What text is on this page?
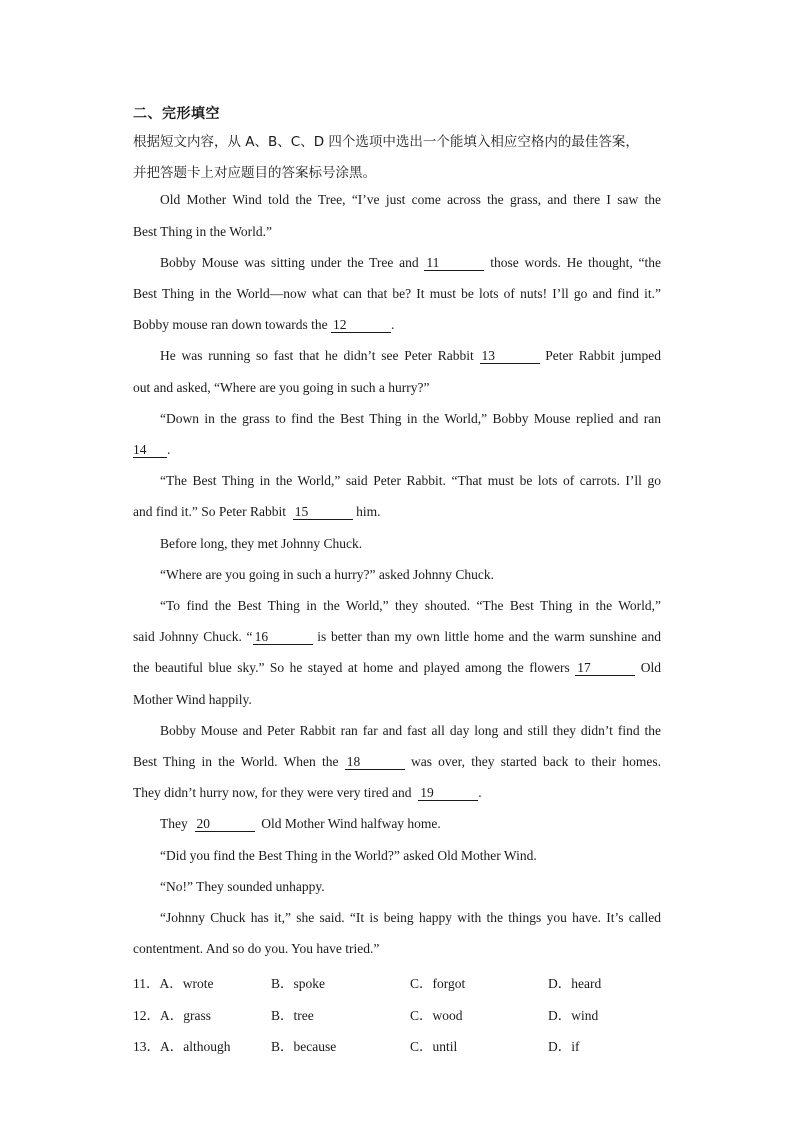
二、完形填空
根据短文内容，从 A、B、C、D 四个选项中选出一个能填入相应空格内的最佳答案，
并把答题卡上对应题目的答案标号涂黑。
Old Mother Wind told the Tree, “I’ve just come across the grass, and there I saw the
Best Thing in the World.”
Bobby Mouse was sitting under the Tree and 11	those words. He thought, “the
Best Thing in the World—now what can that be? It must be lots of nuts! I’ll go and find it.”
Bobby mouse ran down towards the 12	.
He was running so fast that he didn’t see Peter Rabbit 13	Peter Rabbit jumped
out and asked, “Where are you going in such a hurry?”
“Down in the grass to find the Best Thing in the World,” Bobby Mouse replied and ran
14 .
“The Best Thing in the World,” said Peter Rabbit. “That must be lots of carrots. I’ll go
and find it.” So Peter Rabbit 15	him.
Before long, they met Johnny Chuck.
“Where are you going in such a hurry?” asked Johnny Chuck.
“To find the Best Thing in the World,” they shouted. “The Best Thing in the World,”
said Johnny Chuck. “ 16	is better than my own little home and the warm sunshine and
the beautiful blue sky.” So he stayed at home and played among the flowers 17	Old
Mother Wind happily.
Bobby Mouse and Peter Rabbit ran far and fast all day long and still they didn’t find the
Best Thing in the World. When the 18	was over, they started back to their homes.
They didn’t hurry now, for they were very tired and 19	.
They 20	Old Mother Wind halfway home.
“Did you find the Best Thing in the World?” asked Old Mother Wind.
“No!” They sounded unhappy.
“Johnny Chuck has it,” she said. “It is being happy with the things you have. It’s called
contentment. And so do you. You have tried.”
11．A．wrote	B．spoke	C．forgot	D．heard
12．A．grass	B．tree	C．wood	D．wind
13．A．although	B．because	C．until	D．if
